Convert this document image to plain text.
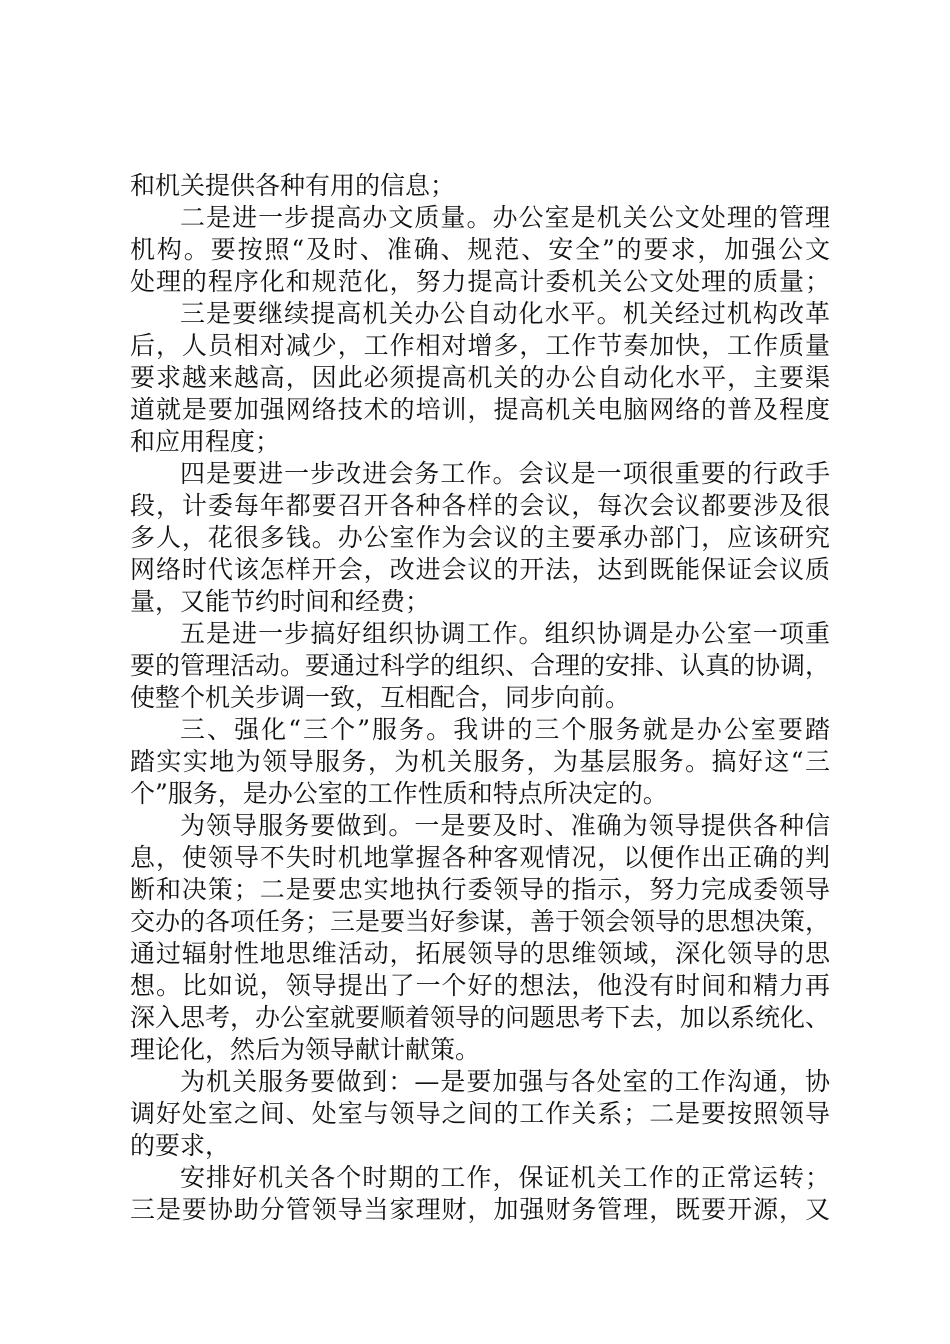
和机关提供各种有用的信息；
二是进一步提高办文质量。办公室是机关公文处理的管理
机构。要按照“及时、准确、规范、安全”的要求，加强公文
处理的程序化和规范化，努力提高计委机关公文处理的质量；
三是要继续提高机关办公自动化水平。机关经过机构改革
后，人员相对减少，工作相对增多，工作节奏加快，工作质量
要求越来越高，因此必须提高机关的办公自动化水平，主要渠
道就是要加强网络技术的培训，提高机关电脑网络的普及程度
和应用程度；
四是要进一步改进会务工作。会议是一项很重要的行政手
段，计委每年都要召开各种各样的会议，每次会议都要涉及很
多人，花很多钱。办公室作为会议的主要承办部门，应该研究
网络时代该怎样开会，改进会议的开法，达到既能保证会议质
量，又能节约时间和经费；
五是进一步搞好组织协调工作。组织协调是办公室一项重
要的管理活动。要通过科学的组织、合理的安排、认真的协调，
使整个机关步调一致，互相配合，同步向前。
三、强化“三个”服务。我讲的三个服务就是办公室要踏
踏实实地为领导服务，为机关服务，为基层服务。搞好这“三
个”服务，是办公室的工作性质和特点所决定的。
为领导服务要做到。一是要及时、准确为领导提供各种信
息，使领导不失时机地掌握各种客观情况，以便作出正确的判
断和决策；二是要忠实地执行委领导的指示，努力完成委领导
交办的各项任务；三是要当好参谋，善于领会领导的思想决策，
通过辐射性地思维活动，拓展领导的思维领域，深化领导的思
想。比如说，领导提出了一个好的想法，他没有时间和精力再
深入思考，办公室就要顺着领导的问题思考下去，加以系统化、
理论化，然后为领导献计献策。
为机关服务要做到：—是要加强与各处室的工作沟通，协
调好处室之间、处室与领导之间的工作关系；二是要按照领导
的要求，
安排好机关各个时期的工作，保证机关工作的正常运转；
三是要协助分管领导当家理财，加强财务管理，既要开源，又
